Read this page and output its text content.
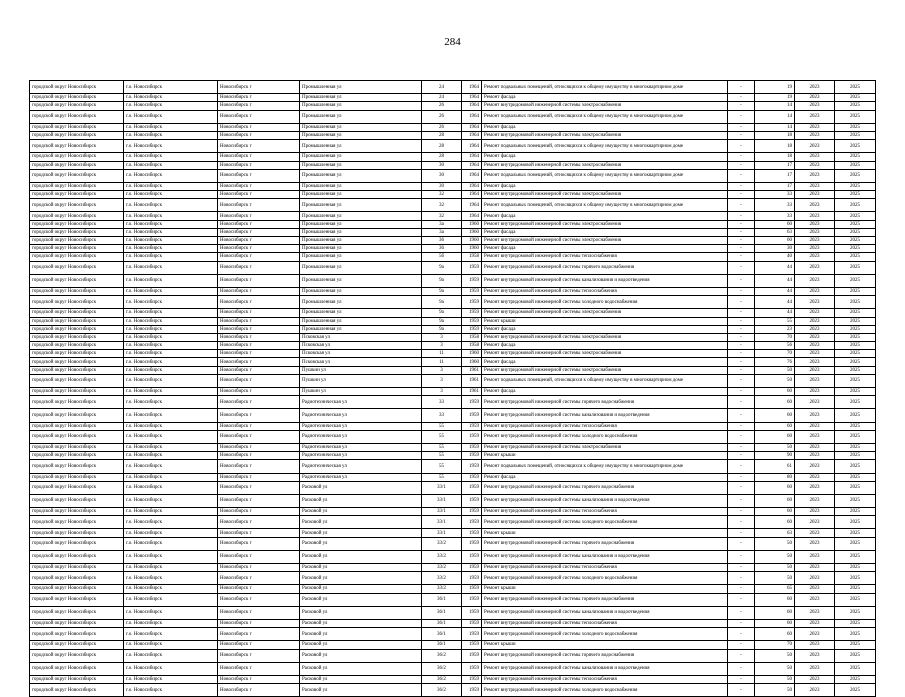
284
городской округ Новосибирск	г.о. Новосибирск	Новосибирск г	Промышленная ул	24	1964	Ремонт подвальных помещений, относящихся к общему имуществу в многоквартирном доме	-	19	2023	2025
городской округ Новосибирск	г.о. Новосибирск	Новосибирск г	Промышленная ул	24	1964	Ремонт фасада	-	19	2023	2025
городской округ Новосибирск	г.о. Новосибирск	Новосибирск г	Промышленная ул	26	1964	Ремонт внутридомовой инженерной системы электроснабжения	-	14	2023	2025
городской округ Новосибирск	г.о. Новосибирск	Новосибирск г	Промышленная ул	26	1964	Ремонт подвальных помещений, относящихся к общему имуществу в многоквартирном доме	-	14	2023	2025
городской округ Новосибирск	г.о. Новосибирск	Новосибирск г	Промышленная ул	26	1964	Ремонт фасада	-	14	2023	2025
городской округ Новосибирск	г.о. Новосибирск	Новосибирск г	Промышленная ул	28	1964	Ремонт внутридомовой инженерной системы электроснабжения	-	18	2023	2025
городской округ Новосибирск	г.о. Новосибирск	Новосибирск г	Промышленная ул	28	1964	Ремонт подвальных помещений, относящихся к общему имуществу в многоквартирном доме	-	18	2023	2025
городской округ Новосибирск	г.о. Новосибирск	Новосибирск г	Промышленная ул	28	1964	Ремонт фасада	-	18	2023	2025
городской округ Новосибирск	г.о. Новосибирск	Новосибирск г	Промышленная ул	30	1964	Ремонт внутридомовой инженерной системы электроснабжения	-	17	2023	2025
городской округ Новосибирск	г.о. Новосибирск	Новосибирск г	Промышленная ул	30	1964	Ремонт подвальных помещений, относящихся к общему имуществу в многоквартирном доме	-	17	2023	2025
городской округ Новосибирск	г.о. Новосибирск	Новосибирск г	Промышленная ул	30	1964	Ремонт фасада	-	17	2023	2025
городской округ Новосибирск	г.о. Новосибирск	Новосибирск г	Промышленная ул	32	1964	Ремонт внутридомовой инженерной системы электроснабжения	-	33	2023	2025
городской округ Новосибирск	г.о. Новосибирск	Новосибирск г	Промышленная ул	32	1964	Ремонт подвальных помещений, относящихся к общему имуществу в многоквартирном доме	-	33	2023	2025
городской округ Новосибирск	г.о. Новосибирск	Новосибирск г	Промышленная ул	32	1964	Ремонт фасада	-	33	2023	2025
городской округ Новосибирск	г.о. Новосибирск	Новосибирск г	Промышленная ул	3а	1960	Ремонт внутридомовой инженерной системы электроснабжения	-	60	2023	2025
городской округ Новосибирск	г.о. Новосибирск	Новосибирск г	Промышленная ул	3а	1960	Ремонт фасада	-	63	2023	2025
городской округ Новосибирск	г.о. Новосибирск	Новосибирск г	Промышленная ул	36	1960	Ремонт внутридомовой инженерной системы электроснабжения	-	60	2023	2025
городской округ Новосибирск	г.о. Новосибирск	Новосибирск г	Промышленная ул	36	1960	Ремонт фасада	-	30	2023	2025
городской округ Новосибирск	г.о. Новосибирск	Новосибирск г	Промышленная ул	5б	1958	Ремонт внутридомовой инженерной системы теплоснабжения	-	40	2023	2025
городской округ Новосибирск	г.о. Новосибирск	Новосибирск г	Промышленная ул	9а	1959	Ремонт внутридомовой инженерной системы горячего водоснабжения	-	44	2023	2025
городской округ Новосибирск	г.о. Новосибирск	Новосибирск г	Промышленная ул	9а	1959	Ремонт внутридомовой инженерной системы канализования и водоотведения	-	44	2023	2025
городской округ Новосибирск	г.о. Новосибирск	Новосибирск г	Промышленная ул	9а	1959	Ремонт внутридомовой инженерной системы теплоснабжения	-	44	2023	2025
городской округ Новосибирск	г.о. Новосибирск	Новосибирск г	Промышленная ул	9а	1959	Ремонт внутридомовой инженерной системы холодного водоснабжения	-	44	2023	2025
городской округ Новосибирск	г.о. Новосибирск	Новосибирск г	Промышленная ул	9а	1959	Ремонт внутридомовой инженерной системы электроснабжения	-	44	2023	2025
городской округ Новосибирск	г.о. Новосибирск	Новосибирск г	Промышленная ул	9а	1959	Ремонт крыши	-	55	2023	2025
городской округ Новосибирск	г.о. Новосибирск	Новосибирск г	Промышленная ул	9а	1959	Ремонт фасада	-	23	2023	2025
городской округ Новосибирск	г.о. Новосибирск	Новосибирск г	Псковская ул	3	1958	Ремонт внутридомовой инженерной системы электроснабжения	-	70	2023	2025
городской округ Новосибирск	г.о. Новосибирск	Новосибирск г	Псковская ул	3	1958	Ремонт фасада	-	56	2023	2025
городской округ Новосибирск	г.о. Новосибирск	Новосибирск г	Псковская ул	11	1960	Ремонт внутридомовой инженерной системы электроснабжения	-	70	2023	2025
городской округ Новосибирск	г.о. Новосибирск	Новосибирск г	Псковская ул	11	1960	Ремонт фасада	-	76	2023	2025
городской округ Новосибирск	г.о. Новосибирск	Новосибирск г	Пушкин ул	3	1961	Ремонт внутридомовой инженерной системы электроснабжения	-	50	2023	2025
городской округ Новосибирск	г.о. Новосибирск	Новосибирск г	Пушкин ул	3	1961	Ремонт подвальных помещений, относящихся к общему имуществу в многоквартирном доме	-	50	2023	2025
городской округ Новосибирск	г.о. Новосибирск	Новосибирск г	Пушкин ул	3	1961	Ремонт фасада	-	60	2023	2025
городской округ Новосибирск	г.о. Новосибирск	Новосибирск г	Радиотехническая ул	33	1959	Ремонт внутридомовой инженерной системы горячего водоснабжения	-	60	2023	2025
городской округ Новосибирск	г.о. Новосибирск	Новосибирск г	Радиотехническая ул	33	1959	Ремонт внутридомовой инженерной системы канализования и водоотведения	-	60	2023	2025
городской округ Новосибирск	г.о. Новосибирск	Новосибирск г	Радиотехническая ул	55	1959	Ремонт внутридомовой инженерной системы теплоснабжения	-	60	2023	2025
городской округ Новосибирск	г.о. Новосибирск	Новосибирск г	Радиотехническая ул	55	1959	Ремонт внутридомовой инженерной системы холодного водоснабжения	-	60	2023	2025
городской округ Новосибирск	г.о. Новосибирск	Новосибирск г	Радиотехническая ул	55	1959	Ремонт внутридомовой инженерной системы электроснабжения	-	50	2023	2025
городской округ Новосибирск	г.о. Новосибирск	Новосибирск г	Радиотехническая ул	55	1959	Ремонт крыши	-	90	2023	2025
городской округ Новосибирск	г.о. Новосибирск	Новосибирск г	Радиотехническая ул	55	1959	Ремонт подвальных помещений, относящихся к общему имуществу в многоквартирном доме	-	61	2023	2025
городской округ Новосибирск	г.о. Новосибирск	Новосибирск г	Радиотехническая ул	55	1959	Ремонт фасада	-	80	2023	2025
городской округ Новосибирск	г.о. Новосибирск	Новосибирск г	Расковой ул	33/1	1959	Ремонт внутридомовой инженерной системы горячего водоснабжения	-	60	2023	2025
городской округ Новосибирск	г.о. Новосибирск	Новосибирск г	Расковой ул	33/1	1959	Ремонт внутридомовой инженерной системы канализования и водоотведения	-	60	2023	2025
городской округ Новосибирск	г.о. Новосибирск	Новосибирск г	Расковой ул	33/1	1959	Ремонт внутридомовой инженерной системы теплоснабжения	-	60	2023	2025
городской округ Новосибирск	г.о. Новосибирск	Новосибирск г	Расковой ул	33/1	1959	Ремонт внутридомовой инженерной системы холодного водоснабжения	-	60	2023	2025
городской округ Новосибирск	г.о. Новосибирск	Новосибирск г	Расковой ул	33/1	1959	Ремонт крыши	-	63	2023	2025
городской округ Новосибирск	г.о. Новосибирск	Новосибирск г	Расковой ул	33/2	1959	Ремонт внутридомовой инженерной системы горячего водоснабжения	-	50	2023	2025
городской округ Новосибирск	г.о. Новосибирск	Новосибирск г	Расковой ул	33/2	1959	Ремонт внутридомовой инженерной системы канализования и водоотведения	-	50	2023	2025
городской округ Новосибирск	г.о. Новосибирск	Новосибирск г	Расковой ул	33/2	1959	Ремонт внутридомовой инженерной системы теплоснабжения	-	50	2023	2025
городской округ Новосибирск	г.о. Новосибирск	Новосибирск г	Расковой ул	33/2	1959	Ремонт внутридомовой инженерной системы холодного водоснабжения	-	50	2023	2025
городской округ Новосибирск	г.о. Новосибирск	Новосибирск г	Расковой ул	33/2	1959	Ремонт крыши	-	65	2023	2025
городской округ Новосибирск	г.о. Новосибирск	Новосибирск г	Расковой ул	36/1	1959	Ремонт внутридомовой инженерной системы горячего водоснабжения	-	60	2023	2025
городской округ Новосибирск	г.о. Новосибирск	Новосибирск г	Расковой ул	36/1	1959	Ремонт внутридомовой инженерной системы канализования и водоотведения	-	60	2023	2025
городской округ Новосибирск	г.о. Новосибирск	Новосибирск г	Расковой ул	36/1	1959	Ремонт внутридомовой инженерной системы теплоснабжения	-	60	2023	2025
городской округ Новосибирск	г.о. Новосибирск	Новосибирск г	Расковой ул	36/1	1959	Ремонт внутридомовой инженерной системы холодного водоснабжения	-	60	2023	2025
городской округ Новосибирск	г.о. Новосибирск	Новосибирск г	Расковой ул	36/1	1959	Ремонт крыши	-	70	2023	2025
городской округ Новосибирск	г.о. Новосибирск	Новосибирск г	Расковой ул	36/2	1959	Ремонт внутридомовой инженерной системы горячего водоснабжения	-	50	2023	2025
городской округ Новосибирск	г.о. Новосибирск	Новосибирск г	Расковой ул	36/2	1959	Ремонт внутридомовой инженерной системы канализования и водоотведения	-	50	2023	2025
городской округ Новосибирск	г.о. Новосибирск	Новосибирск г	Расковой ул	36/2	1959	Ремонт внутридомовой инженерной системы теплоснабжения	-	50	2023	2025
городской округ Новосибирск	г.о. Новосибирск	Новосибирск г	Расковой ул	36/2	1959	Ремонт внутридомовой инженерной системы холодного водоснабжения	-	50	2023	2025
